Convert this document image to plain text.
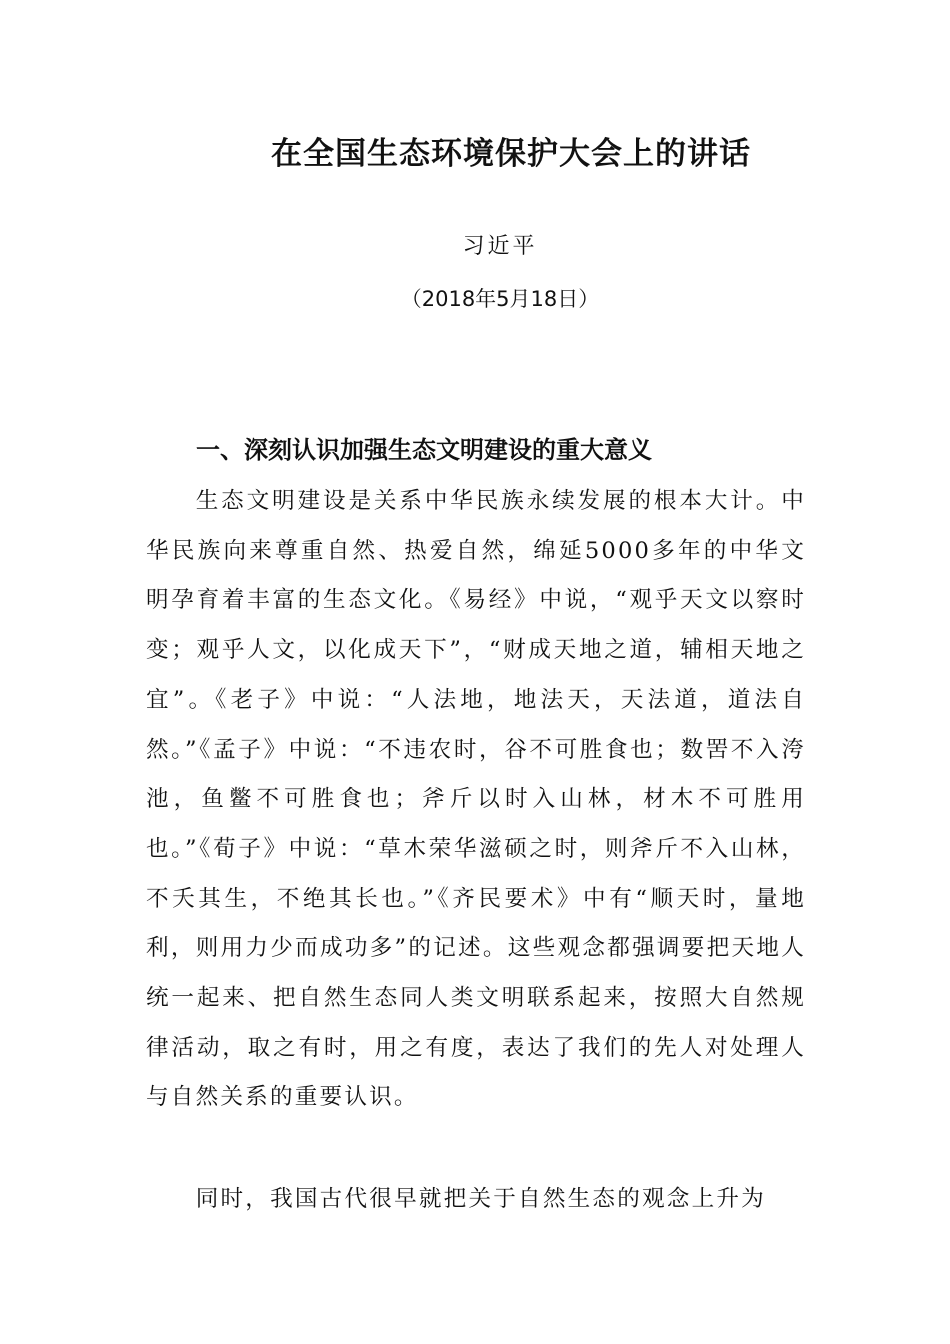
在全国生态环境保护大会上的讲话
习近平
（2018年5月18日）
一、深刻认识加强生态文明建设的重大意义

生态文明建设是关系中华民族永续发展的根本大计。中华民族向来尊重自然、热爱自然，绵延5000多年的中华文明孕育着丰富的生态文化。《易经》中说，“观乎天文以察时变；观乎人文，以化成天下”，“财成天地之道，辅相天地之宜”。《老子》中说：“人法地，地法天，天法道，道法自然。”《孟子》中说：“不违农时，谷不可胜食也；数罟不入洿池，鱼鳖不可胜食也；斧斤以时入山林，材木不可胜用也。”《荀子》中说：“草木荣华滋硕之时，则斧斤不入山林，不夭其生，不绝其长也。”《齐民要术》中有“顺天时，量地利，则用力少而成功多”的记述。这些观念都强调要把天地人统一起来、把自然生态同人类文明联系起来，按照大自然规律活动，取之有时，用之有度，表达了我们的先人对处理人与自然关系的重要认识。

同时，我国古代很早就把关于自然生态的观念上升为
